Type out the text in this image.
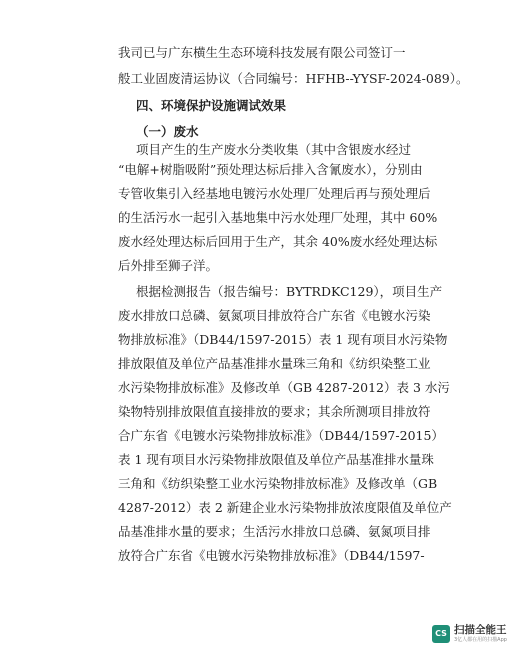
我司已与广东横生生态环境科技发展有限公司签订一
般工业固废清运协议（合同编号：HFHB--YYSF-2024-089）。
四、环境保护设施调试效果
（一）废水
项目产生的生产废水分类收集（其中含银废水经过
“电解+树脂吸附”预处理达标后排入含氰废水），分别由
专管收集引入经基地电镀污水处理厂处理后再与预处理后
的生活污水一起引入基地集中污水处理厂处理，其中 60%
废水经处理达标后回用于生产，其余 40%废水经处理达标
后外排至狮子洋。
根据检测报告（报告编号：BYTRDKC129），项目生产
废水排放口总磷、氨氮项目排放符合广东省《电镀水污染
物排放标准》（DB44/1597-2015）表 1 现有项目水污染物
排放限值及单位产品基准排水量珠三角和《纺织染整工业
水污染物排放标准》及修改单（GB 4287-2012）表 3 水污
染物特别排放限值直接排放的要求；其余所测项目排放符
合广东省《电镀水污染物排放标准》（DB44/1597-2015）
表 1 现有项目水污染物排放限值及单位产品基准排水量珠
三角和《纺织染整工业水污染物排放标准》及修改单（GB
4287-2012）表 2 新建企业水污染物排放浓度限值及单位产
品基准排水量的要求；生活污水排放口总磷、氨氮项目排
放符合广东省《电镀水污染物排放标准》（DB44/1597-
CS 扫描全能王
3亿人都在用的扫描App
